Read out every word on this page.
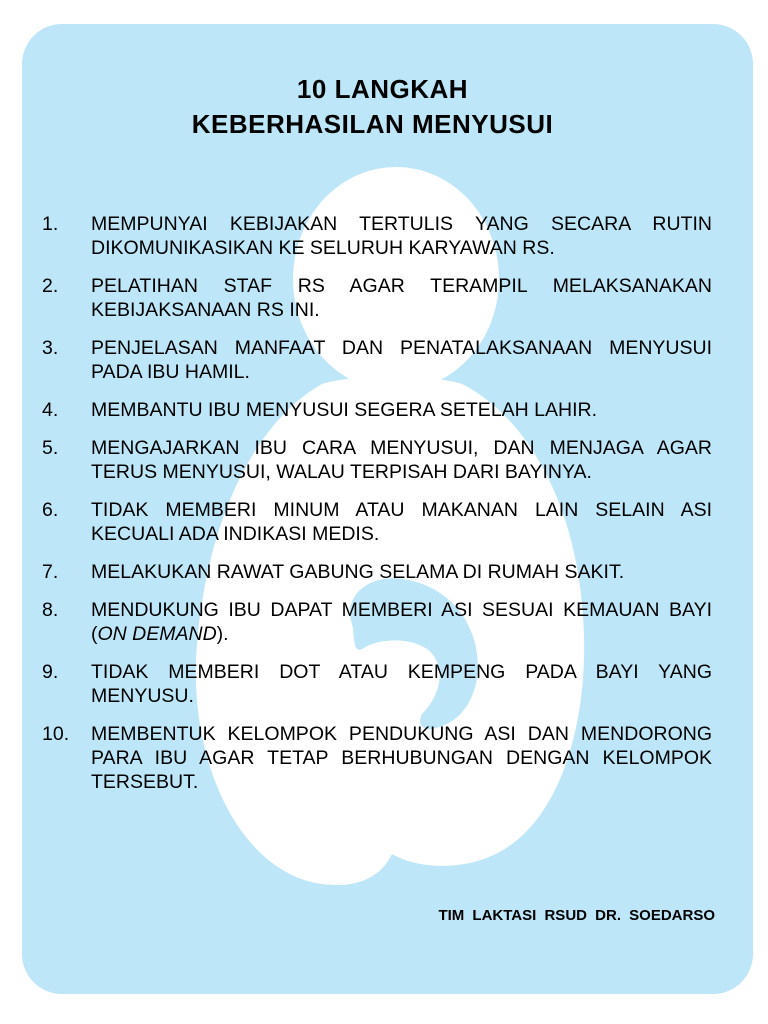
10 LANGKAH
KEBERHASILAN MENYUSUI
1.	MEMPUNYAI KEBIJAKAN TERTULIS YANG SECARA RUTIN DIKOMUNIKASIKAN KE SELURUH KARYAWAN RS.
2.	PELATIHAN STAF RS AGAR TERAMPIL MELAKSANAKAN KEBIJAKSANAAN RS INI.
3.	PENJELASAN MANFAAT DAN PENATALAKSANAAN MENYUSUI PADA IBU HAMIL.
4.	MEMBANTU IBU MENYUSUI SEGERA SETELAH LAHIR.
5.	MENGAJARKAN IBU CARA MENYUSUI, DAN MENJAGA AGAR TERUS MENYUSUI, WALAU TERPISAH DARI BAYINYA.
6.	TIDAK MEMBERI MINUM ATAU MAKANAN LAIN SELAIN ASI KECUALI ADA INDIKASI MEDIS.
7.	MELAKUKAN RAWAT GABUNG SELAMA DI RUMAH SAKIT.
8.	MENDUKUNG IBU DAPAT MEMBERI ASI SESUAI KEMAUAN BAYI (ON DEMAND).
9.	TIDAK MEMBERI DOT ATAU KEMPENG PADA BAYI YANG MENYUSU.
10.	MEMBENTUK KELOMPOK PENDUKUNG ASI DAN MENDORONG PARA IBU AGAR TETAP BERHUBUNGAN DENGAN KELOMPOK TERSEBUT.
TIM LAKTASI RSUD DR. SOEDARSO
